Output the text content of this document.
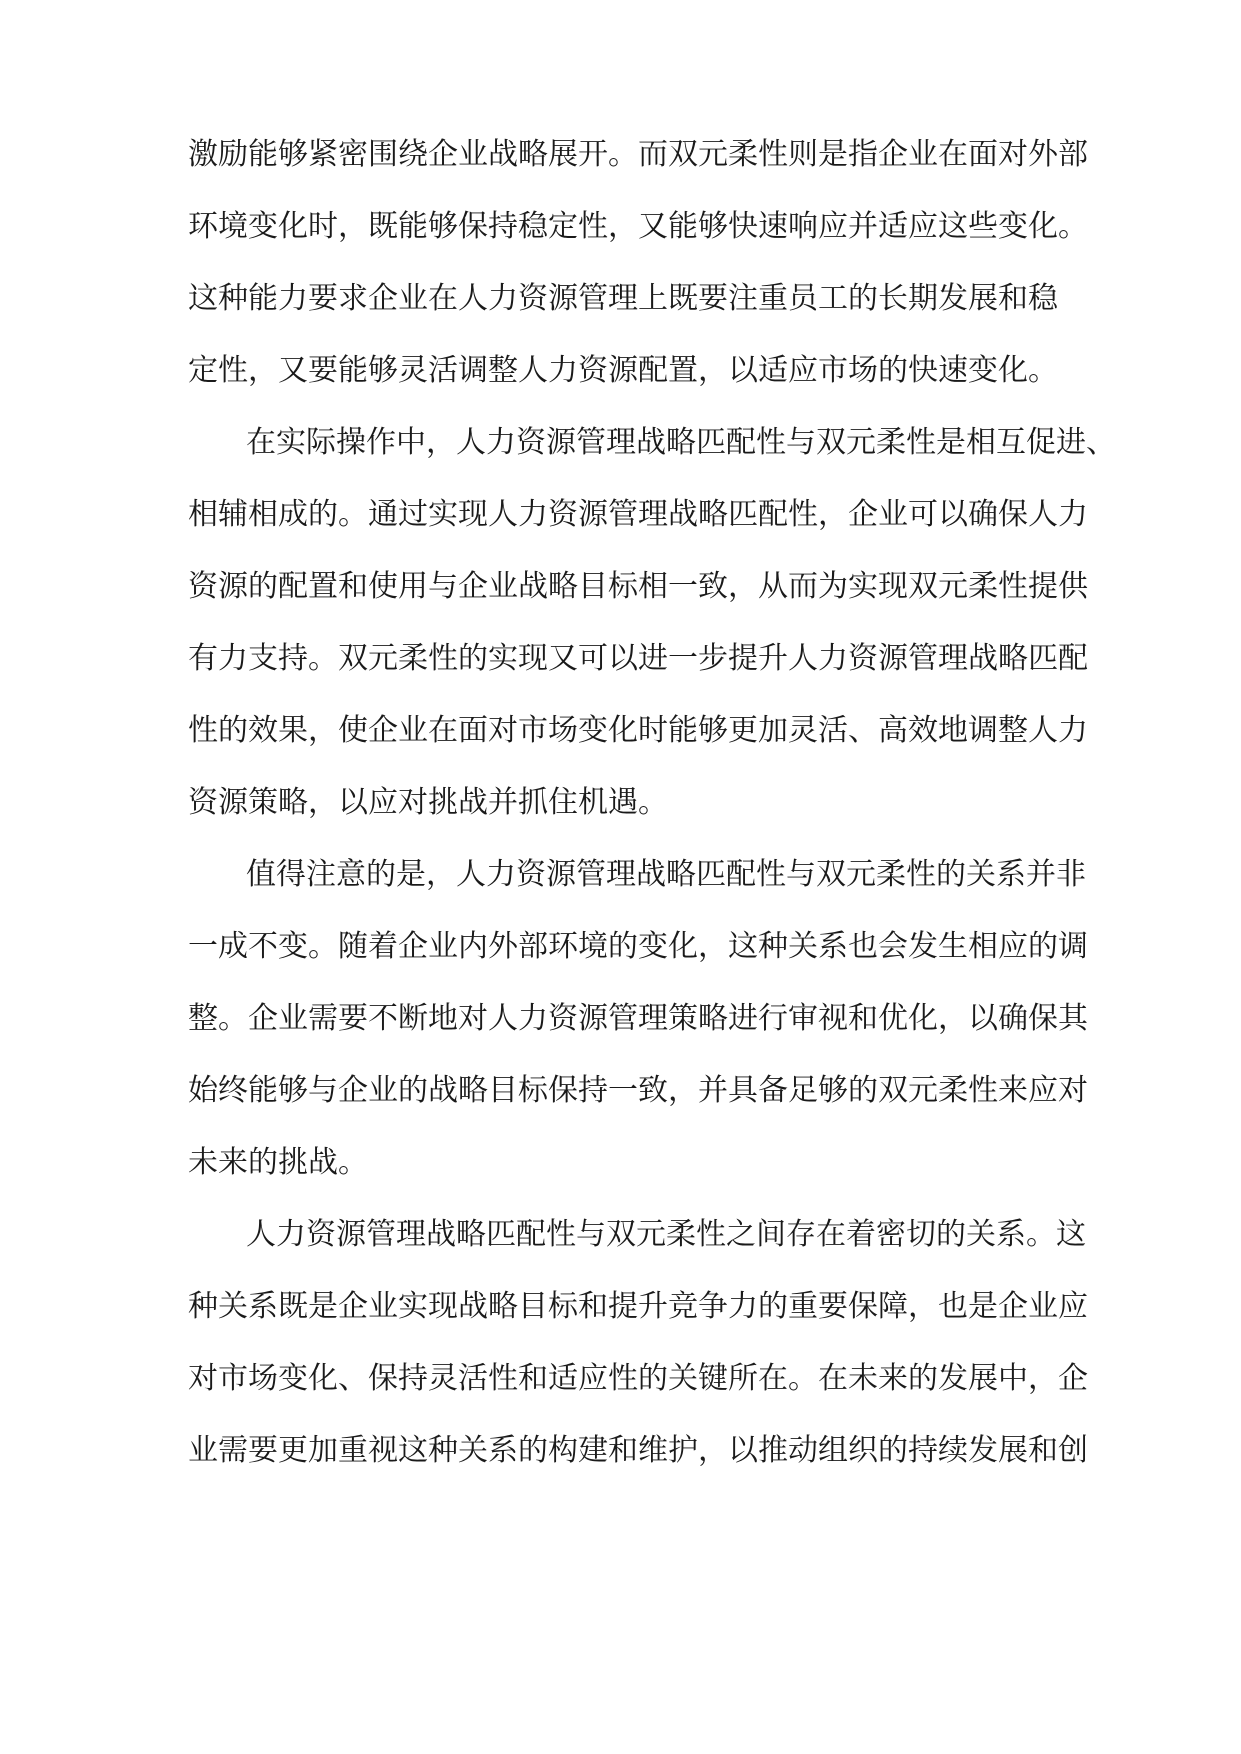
激励能够紧密围绕企业战略展开。而双元柔性则是指企业在面对外部
环境变化时，既能够保持稳定性，又能够快速响应并适应这些变化。
这种能力要求企业在人力资源管理上既要注重员工的长期发展和稳
定性，又要能够灵活调整人力资源配置，以适应市场的快速变化。
在实际操作中，人力资源管理战略匹配性与双元柔性是相互促进、
相辅相成的。通过实现人力资源管理战略匹配性，企业可以确保人力
资源的配置和使用与企业战略目标相一致，从而为实现双元柔性提供
有力支持。双元柔性的实现又可以进一步提升人力资源管理战略匹配
性的效果，使企业在面对市场变化时能够更加灵活、高效地调整人力
资源策略，以应对挑战并抓住机遇。
值得注意的是，人力资源管理战略匹配性与双元柔性的关系并非
一成不变。随着企业内外部环境的变化，这种关系也会发生相应的调
整。企业需要不断地对人力资源管理策略进行审视和优化，以确保其
始终能够与企业的战略目标保持一致，并具备足够的双元柔性来应对
未来的挑战。
人力资源管理战略匹配性与双元柔性之间存在着密切的关系。这
种关系既是企业实现战略目标和提升竞争力的重要保障，也是企业应
对市场变化、保持灵活性和适应性的关键所在。在未来的发展中，企
业需要更加重视这种关系的构建和维护，以推动组织的持续发展和创
